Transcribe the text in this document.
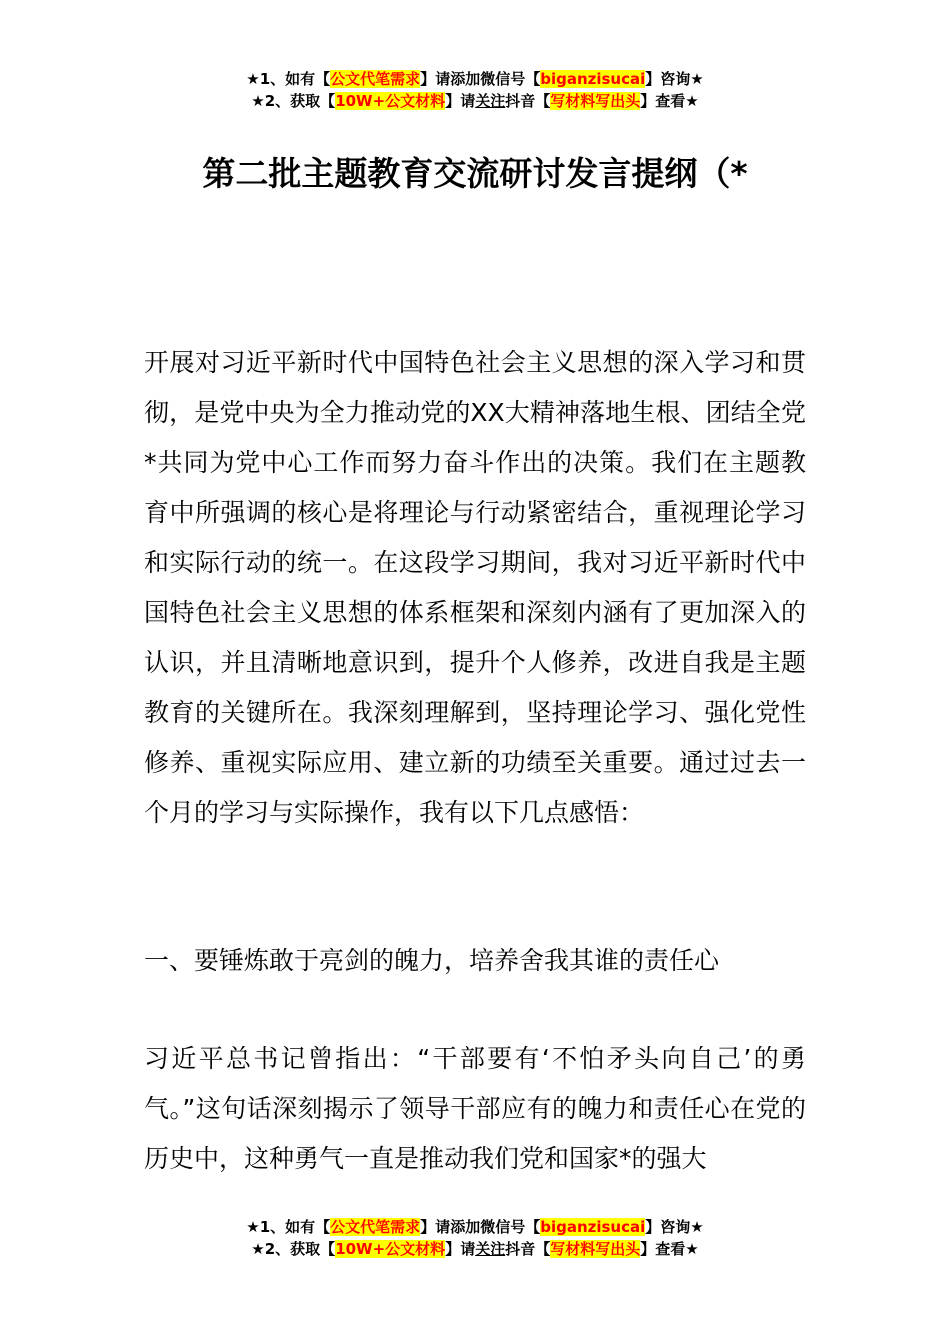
★1、如有【公文代笔需求】请添加微信号【biganzisucai】咨询★
★2、获取【10W+公文材料】请关注抖音【写材料写出头】查看★
第二批主题教育交流研讨发言提纲（*

开展对习近平新时代中国特色社会主义思想的深入学习和贯彻，是党中央为全力推动党的XX大精神落地生根、团结全党*共同为党中心工作而努力奋斗作出的决策。我们在主题教育中所强调的核心是将理论与行动紧密结合，重视理论学习和实际行动的统一。在这段学习期间，我对习近平新时代中国特色社会主义思想的体系框架和深刻内涵有了更加深入的认识，并且清晰地意识到，提升个人修养，改进自我是主题教育的关键所在。我深刻理解到，坚持理论学习、强化党性修养、重视实际应用、建立新的功绩至关重要。通过过去一个月的学习与实际操作，我有以下几点感悟：

一、要锤炼敢于亮剑的魄力，培养舍我其谁的责任心

习近平总书记曾指出：“干部要有‘不怕矛头向自己’的勇气。”这句话深刻揭示了领导干部应有的魄力和责任心在党的历史中，这种勇气一直是推动我们党和国家*的强大

★1、如有【公文代笔需求】请添加微信号【biganzisucai】咨询★
★2、获取【10W+公文材料】请关注抖音【写材料写出头】查看★
